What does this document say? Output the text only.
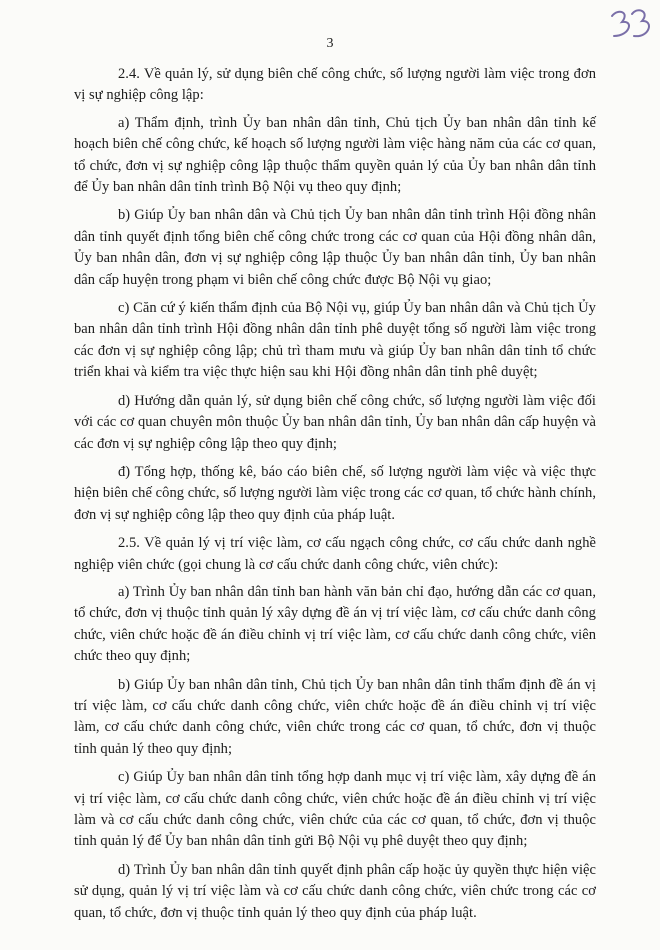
3

2.4. Về quản lý, sử dụng biên chế công chức, số lượng người làm việc trong đơn vị sự nghiệp công lập:

a) Thẩm định, trình Ủy ban nhân dân tỉnh, Chủ tịch Ủy ban nhân dân tỉnh kế hoạch biên chế công chức, kế hoạch số lượng người làm việc hàng năm của các cơ quan, tổ chức, đơn vị sự nghiệp công lập thuộc thẩm quyền quản lý của Ủy ban nhân dân tỉnh để Ủy ban nhân dân tỉnh trình Bộ Nội vụ theo quy định;

b) Giúp Ủy ban nhân dân và Chủ tịch Ủy ban nhân dân tỉnh trình Hội đồng nhân dân tỉnh quyết định tổng biên chế công chức trong các cơ quan của Hội đồng nhân dân, Ủy ban nhân dân, đơn vị sự nghiệp công lập thuộc Ủy ban nhân dân tỉnh, Ủy ban nhân dân cấp huyện trong phạm vi biên chế công chức được Bộ Nội vụ giao;

c) Căn cứ ý kiến thẩm định của Bộ Nội vụ, giúp Ủy ban nhân dân và Chủ tịch Ủy ban nhân dân tỉnh trình Hội đồng nhân dân tỉnh phê duyệt tổng số người làm việc trong các đơn vị sự nghiệp công lập; chủ trì tham mưu và giúp Ủy ban nhân dân tỉnh tổ chức triển khai và kiểm tra việc thực hiện sau khi Hội đồng nhân dân tỉnh phê duyệt;

d) Hướng dẫn quản lý, sử dụng biên chế công chức, số lượng người làm việc đối với các cơ quan chuyên môn thuộc Ủy ban nhân dân tỉnh, Ủy ban nhân dân cấp huyện và các đơn vị sự nghiệp công lập theo quy định;

đ) Tổng hợp, thống kê, báo cáo biên chế, số lượng người làm việc và việc thực hiện biên chế công chức, số lượng người làm việc trong các cơ quan, tổ chức hành chính, đơn vị sự nghiệp công lập theo quy định của pháp luật.

2.5. Về quản lý vị trí việc làm, cơ cấu ngạch công chức, cơ cấu chức danh nghề nghiệp viên chức (gọi chung là cơ cấu chức danh công chức, viên chức):

a) Trình Ủy ban nhân dân tỉnh ban hành văn bản chỉ đạo, hướng dẫn các cơ quan, tổ chức, đơn vị thuộc tỉnh quản lý xây dựng đề án vị trí việc làm, cơ cấu chức danh công chức, viên chức hoặc đề án điều chỉnh vị trí việc làm, cơ cấu chức danh công chức, viên chức theo quy định;

b) Giúp Ủy ban nhân dân tỉnh, Chủ tịch Ủy ban nhân dân tỉnh thẩm định đề án vị trí việc làm, cơ cấu chức danh công chức, viên chức hoặc đề án điều chỉnh vị trí việc làm, cơ cấu chức danh công chức, viên chức trong các cơ quan, tổ chức, đơn vị thuộc tỉnh quản lý theo quy định;

c) Giúp Ủy ban nhân dân tỉnh tổng hợp danh mục vị trí việc làm, xây dựng đề án vị trí việc làm, cơ cấu chức danh công chức, viên chức hoặc đề án điều chỉnh vị trí việc làm và cơ cấu chức danh công chức, viên chức của các cơ quan, tổ chức, đơn vị thuộc tỉnh quản lý để Ủy ban nhân dân tỉnh gửi Bộ Nội vụ phê duyệt theo quy định;

d) Trình Ủy ban nhân dân tỉnh quyết định phân cấp hoặc ủy quyền thực hiện việc sử dụng, quản lý vị trí việc làm và cơ cấu chức danh công chức, viên chức trong các cơ quan, tổ chức, đơn vị thuộc tỉnh quản lý theo quy định của pháp luật.
